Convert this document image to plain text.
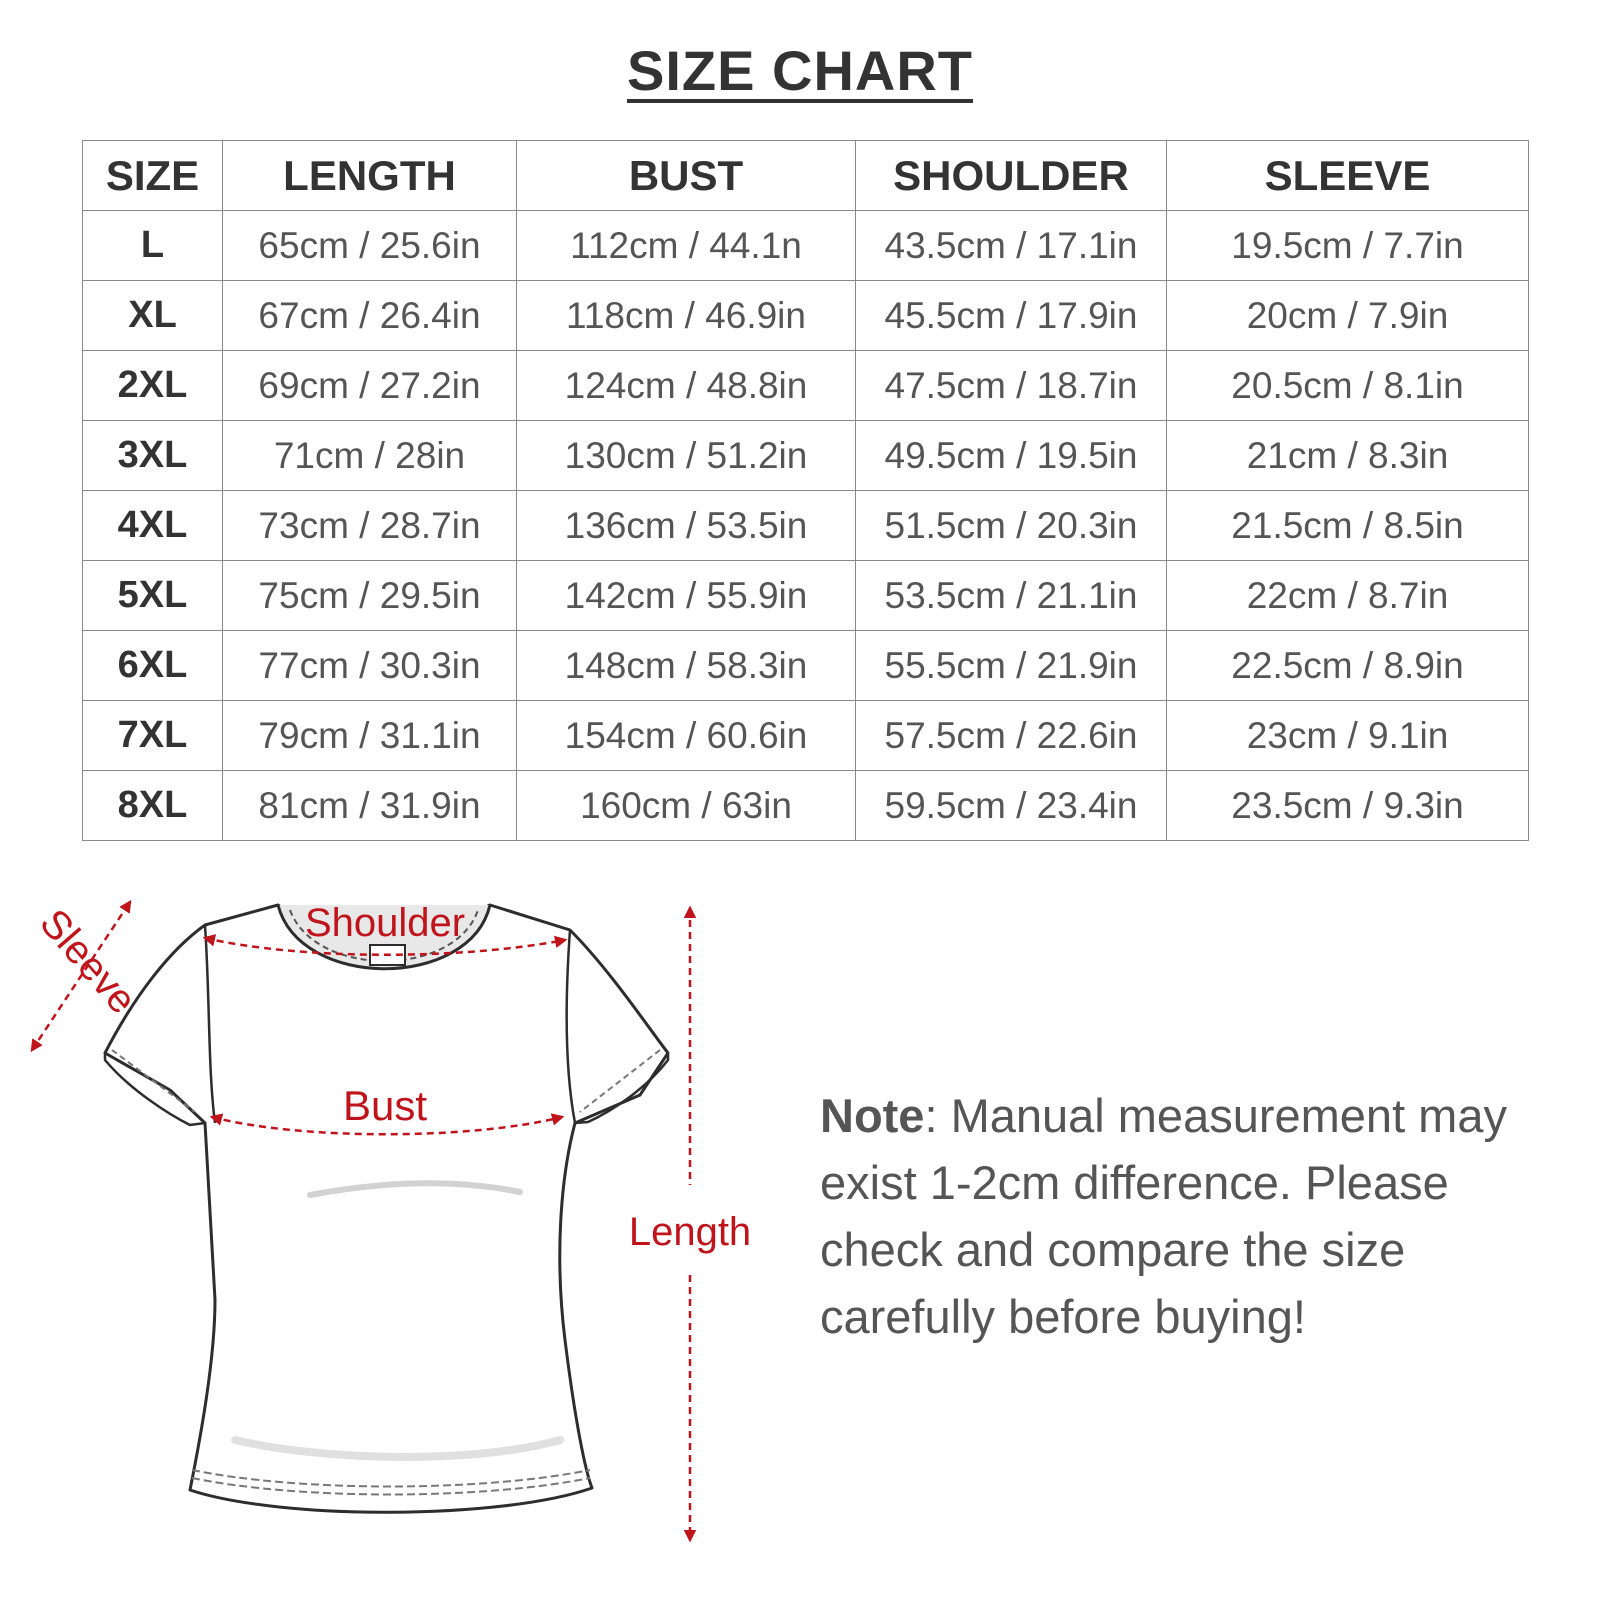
SIZE CHART
SIZE	LENGTH	BUST	SHOULDER	SLEEVE
L	65cm / 25.6in	112cm / 44.1n	43.5cm / 17.1in	19.5cm / 7.7in
XL	67cm / 26.4in	118cm / 46.9in	45.5cm / 17.9in	20cm / 7.9in
2XL	69cm / 27.2in	124cm / 48.8in	47.5cm / 18.7in	20.5cm / 8.1in
3XL	71cm / 28in	130cm / 51.2in	49.5cm / 19.5in	21cm / 8.3in
4XL	73cm / 28.7in	136cm / 53.5in	51.5cm / 20.3in	21.5cm / 8.5in
5XL	75cm / 29.5in	142cm / 55.9in	53.5cm / 21.1in	22cm / 8.7in
6XL	77cm / 30.3in	148cm / 58.3in	55.5cm / 21.9in	22.5cm / 8.9in
7XL	79cm / 31.1in	154cm / 60.6in	57.5cm / 22.6in	23cm / 9.1in
8XL	81cm / 31.9in	160cm / 63in	59.5cm / 23.4in	23.5cm / 9.3in
Shoulder
Bust
Length
Sleeve
Note: Manual measurement may exist 1-2cm difference. Please check and compare the size carefully before buying!
